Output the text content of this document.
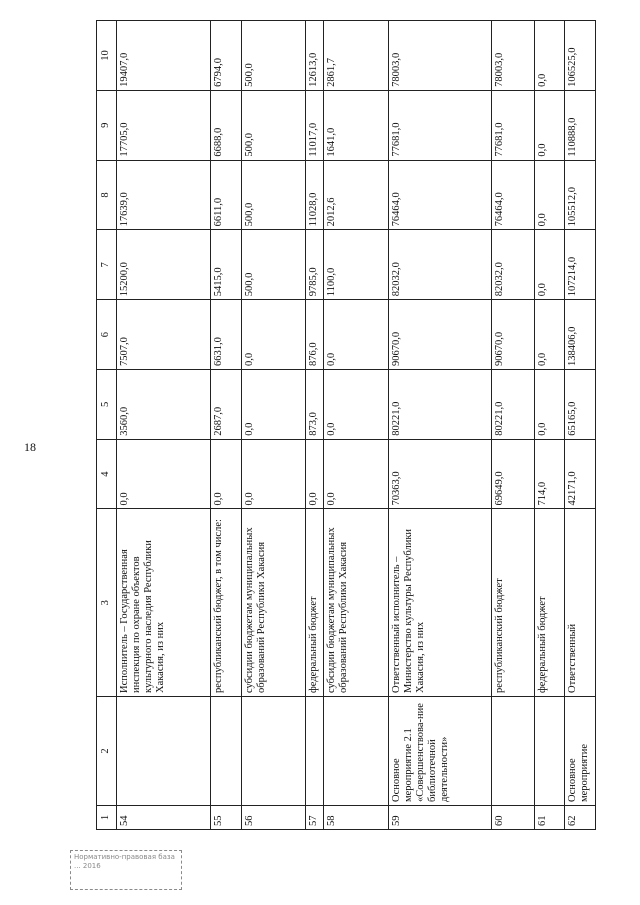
18
1	2	3	4	5	6	7	8	9	10
54		Исполнитель – Государственная инспекция по охране объектов культурного наследия Республики Хакасия, из них	0,0	3560,0	7507,0	15200,0	17639,0	17705,0	19407,0
55		республиканский бюджет, в том числе:	0,0	2687,0	6631,0	5415,0	6611,0	6688,0	6794,0
56		субсидии бюджетам муниципальных образований Республики Хакасия	0,0	0,0	0,0	500,0	500,0	500,0	500,0
57		федеральный бюджет	0,0	873,0	876,0	9785,0	11028,0	11017,0	12613,0
58		субсидии бюджетам муниципальных образований Республики Хакасия	0,0	0,0	0,0	1100,0	2012,6	1641,0	2861,7
59	Основное мероприятие 2.1 «Совершенствова-ние библиотечной деятельности»	Ответственный исполнитель – Министерство культуры Республики Хакасия, из них	70363,0	80221,0	90670,0	82032,0	76464,0	77681,0	78003,0
60		республиканский бюджет	69649,0	80221,0	90670,0	82032,0	76464,0	77681,0	78003,0
61		федеральный бюджет	714,0	0,0	0,0	0,0	0,0	0,0	0,0
62	Основное мероприятие	Ответственный	42171,0	65165,0	138406,0	107214,0	105512,0	110888,0	106525,0
Нормативно-правовая база ... 2016
